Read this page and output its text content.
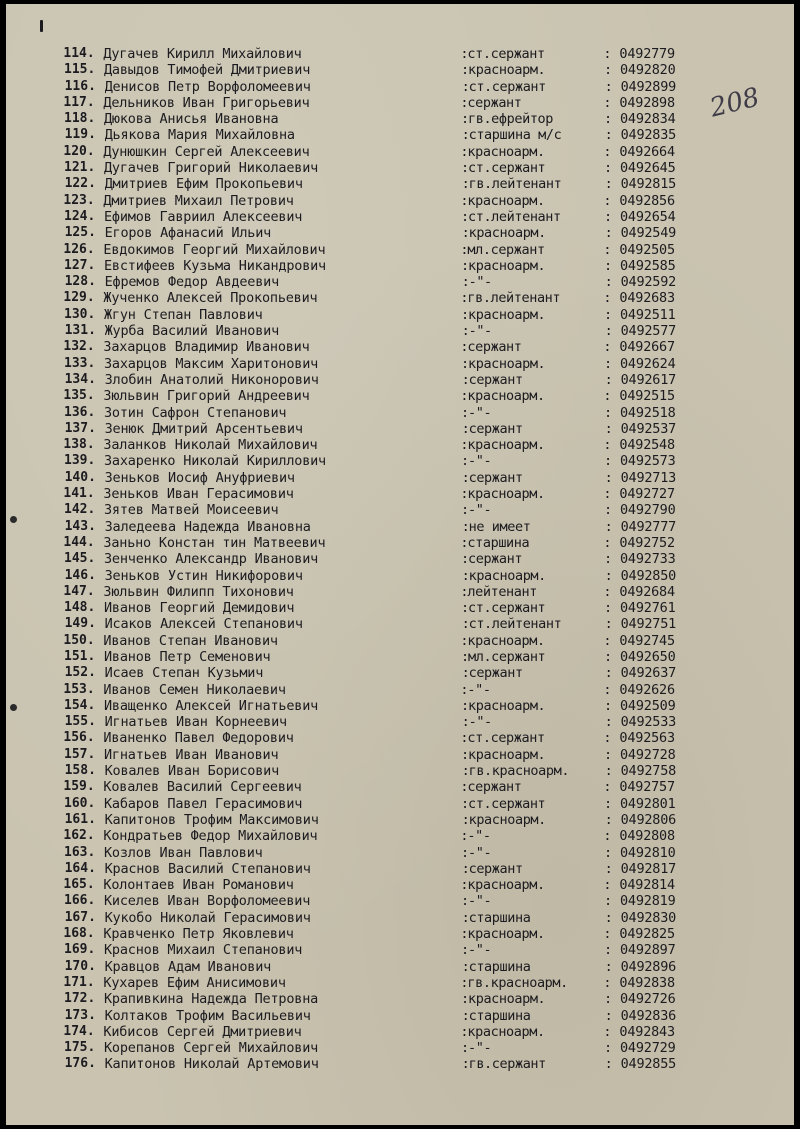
208
114. Дугачев Кирилл Михайлович	ст.сержант	0492779
:	:
115. Давыдов Тимофей Дмитриевич	красноарм.	0492820
:	:
116. Денисов Петр Ворфоломеевич	ст.сержант	0492899
:	:
117. Дельников Иван Григорьевич	сержант	0492898
:	:
118. Дюкова Анисья Ивановна	гв.ефрейтор	0492834
:	:
119. Дьякова Мария Михайловна	старшина м/с	0492835
:	:
120. Дунюшкин Сергей Алексеевич	красноарм.	0492664
:	:
121. Дугачев Григорий Николаевич	ст.сержант	0492645
:	:
122. Дмитриев Ефим Прокопьевич	гв.лейтенант	0492815
:	:
123. Дмитриев Михаил Петрович	красноарм.	0492856
:	:
124. Ефимов Гавриил Алексеевич	ст.лейтенант	0492654
:	:
125. Егоров Афанасий Ильич	красноарм.	0492549
:	:
126. Евдокимов Георгий Михайлович	мл.сержант	0492505
:	:
127. Евстифеев Кузьма Никандрович	красноарм.	0492585
:	:
128. Ефремов Федор Авдеевич	-"-	0492592
:	:
129. Жученко Алексей Прокопьевич	гв.лейтенант	0492683
:	:
130. Жгун Степан Павлович	красноарм.	0492511
:	:
131. Журба Василий Иванович	-"-	0492577
:	:
132. Захарцов Владимир Иванович	сержант	0492667
:	:
133. Захарцов Максим Харитонович	красноарм.	0492624
:	:
134. Злобин Анатолий Никонорович	сержант	0492617
:	:
135. Зюльвин Григорий Андреевич	красноарм.	0492515
:	:
136. Зотин Сафрон Степанович	-"-	0492518
:	:
137. Зенюк Дмитрий Арсентьевич	сержант	0492537
:	:
138. Заланков Николай Михайлович	красноарм.	0492548
:	:
139. Захаренко Николай Кириллович	-"-	0492573
:	:
140. Зеньков Иосиф Ануфриевич	сержант	0492713
:	:
141. Зеньков Иван Герасимович	красноарм.	0492727
:	:
142. Зятев Матвей Моисеевич	-"-	0492790
:	:
143. Заледеева Надежда Ивановна	не имеет	0492777
:	:
144. Заньно Констан тин Матвеевич	старшина	0492752
:	:
145. Зенченко Александр Иванович	сержант	0492733
:	:
146. Зеньков Устин Никифорович	красноарм.	0492850
:	:
147. Зюльвин Филипп Тихонович	лейтенант	0492684
:	:
148. Иванов Георгий Демидович	ст.сержант	0492761
:	:
149. Исаков Алексей Степанович	ст.лейтенант	0492751
:	:
150. Иванов Степан Иванович	красноарм.	0492745
:	:
151. Иванов Петр Семенович	мл.сержант	0492650
:	:
152. Исаев Степан Кузьмич	сержант	0492637
:	:
153. Иванов Семен Николаевич	-"-	0492626
:	:
154. Иващенко Алексей Игнатьевич	красноарм.	0492509
:	:
155. Игнатьев Иван Корнеевич	-"-	0492533
:	:
156. Иваненко Павел Федорович	ст.сержант	0492563
:	:
157. Игнатьев Иван Иванович	красноарм.	0492728
:	:
158. Ковалев Иван Борисович	гв.красноарм.	0492758
:	:
159. Ковалев Василий Сергеевич	сержант	0492757
:	:
160. Кабаров Павел Герасимович	ст.сержант	0492801
:	:
161. Капитонов Трофим Максимович	красноарм.	0492806
:	:
162. Кондратьев Федор Михайлович	-"-	0492808
:	:
163. Козлов Иван Павлович	-"-	0492810
:	:
164. Краснов Василий Степанович	сержант	0492817
:	:
165. Колонтаев Иван Романович	красноарм.	0492814
:	:
166. Киселев Иван Ворфоломеевич	-"-	0492819
:	:
167. Кукобо Николай Герасимович	старшина	0492830
:	:
168. Кравченко Петр Яковлевич	красноарм.	0492825
:	:
169. Краснов Михаил Степанович	-"-	0492897
:	:
170. Кравцов Адам Иванович	старшина	0492896
:	:
171. Кухарев Ефим Анисимович	гв.красноарм.	0492838
:	:
172. Крапивкина Надежда Петровна	красноарм.	0492726
:	:
173. Колтаков Трофим Васильевич	старшина	0492836
:	:
174. Кибисов Сергей Дмитриевич	красноарм.	0492843
:	:
175. Корепанов Сергей Михайлович	-"-	0492729
:	:
176. Капитонов Николай Артемович	гв.сержант	0492855
:	:
